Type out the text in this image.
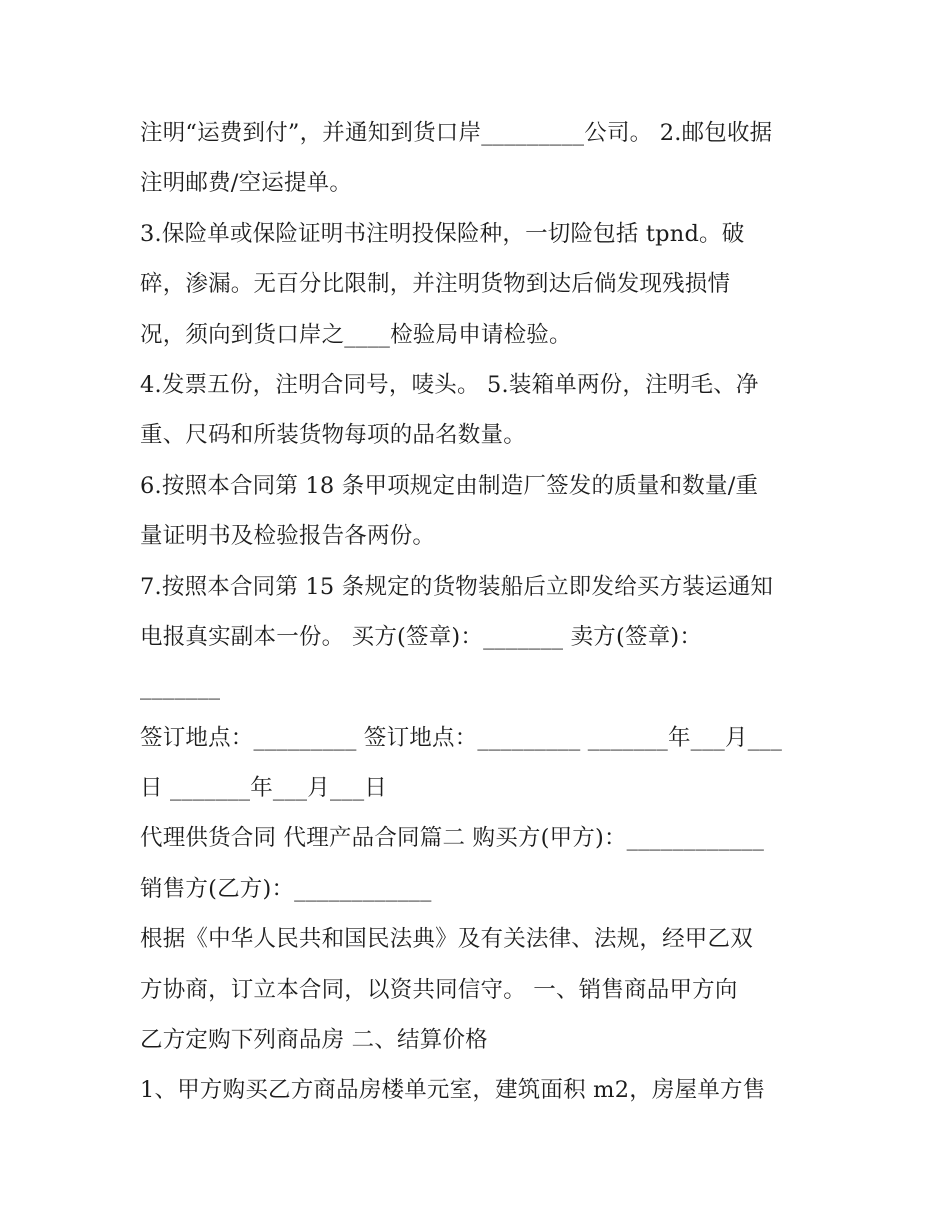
注明“运费到付”，并通知到货口岸_________公司。 2.邮包收据
注明邮费/空运提单。
3.保险单或保险证明书注明投保险种，一切险包括 tpnd。破
碎，渗漏。无百分比限制，并注明货物到达后倘发现残损情
况，须向到货口岸之____检验局申请检验。
4.发票五份，注明合同号，唛头。 5.装箱单两份，注明毛、净
重、尺码和所装货物每项的品名数量。
6.按照本合同第 18 条甲项规定由制造厂签发的质量和数量/重
量证明书及检验报告各两份。
7.按照本合同第 15 条规定的货物装船后立即发给买方装运通知
电报真实副本一份。 买方(签章)：_______ 卖方(签章)：
_______
签订地点：_________ 签订地点：_________ _______年___月___
日 _______年___月___日
代理供货合同 代理产品合同篇二 购买方(甲方)：____________
销售方(乙方)：____________
根据《中华人民共和国民法典》及有关法律、法规，经甲乙双
方协商，订立本合同，以资共同信守。 一、销售商品甲方向
乙方定购下列商品房 二、结算价格
1、甲方购买乙方商品房楼单元室，建筑面积 m2，房屋单方售
